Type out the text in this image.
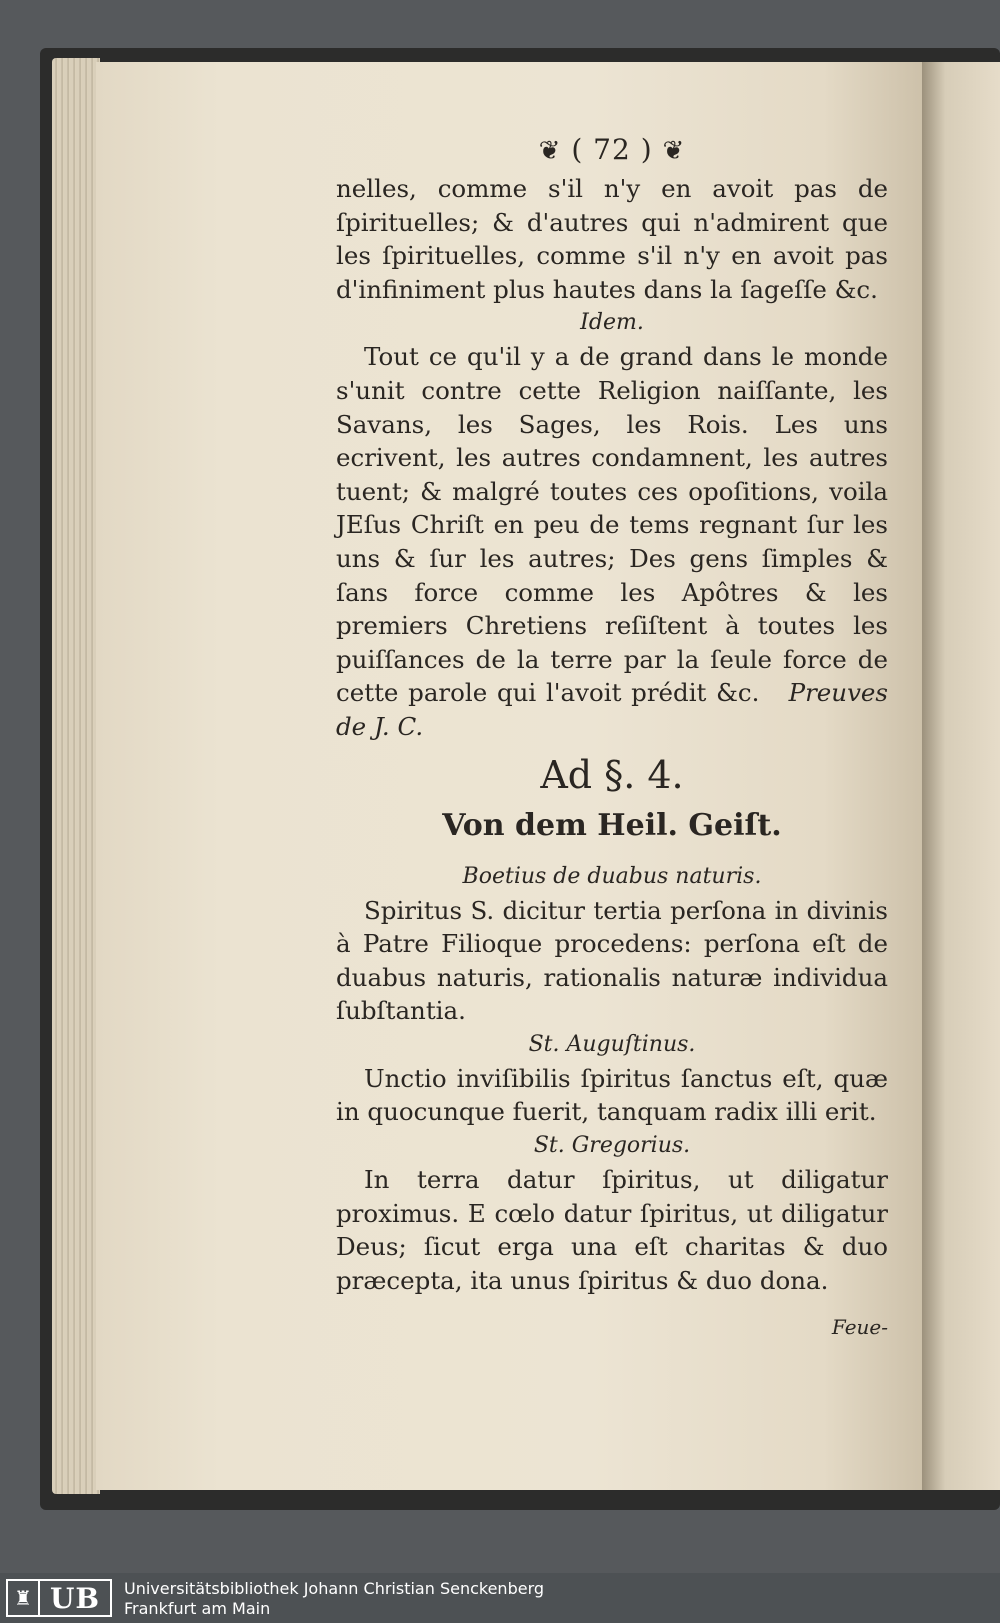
❦ ( 72 ) ❦

nelles, comme s'il n'y en avoit pas de ſpirituelles; & d'autres qui n'admirent que les ſpirituelles, comme s'il n'y en avoit pas d'infiniment plus hautes dans la ſageſſe &c.

Idem.

Tout ce qu'il y a de grand dans le monde s'unit contre cette Religion naiſſante, les Savans, les Sages, les Rois. Les uns ecrivent, les autres condamnent, les autres tuent; & malgré toutes ces opoſitions, voila JEſus Chriſt en peu de tems regnant ſur les uns & ſur les autres; Des gens ſimples & ſans force comme les Apôtres & les premiers Chretiens reſiſtent à toutes les puiſſances de la terre par la ſeule force de cette parole qui l'avoit prédit &c. Preuves de J. C.

Ad §. 4.
Von dem Heil. Geiſt.
Boetius de duabus naturis.

Spiritus S. dicitur tertia perſona in divinis à Patre Filioque procedens: perſona eſt de duabus naturis, rationalis naturæ individua ſubſtantia.

St. Auguſtinus.

Unctio inviſibilis ſpiritus ſanctus eſt, quæ in quocunque fuerit, tanquam radix illi erit.

St. Gregorius.

In terra datur ſpiritus, ut diligatur proximus. E cœlo datur ſpiritus, ut diligatur Deus; ſicut erga una eſt charitas & duo præcepta, ita unus ſpiritus & duo dona.

Feue-
♜ UB Universitätsbibliothek Johann Christian Senckenberg
Frankfurt am Main
